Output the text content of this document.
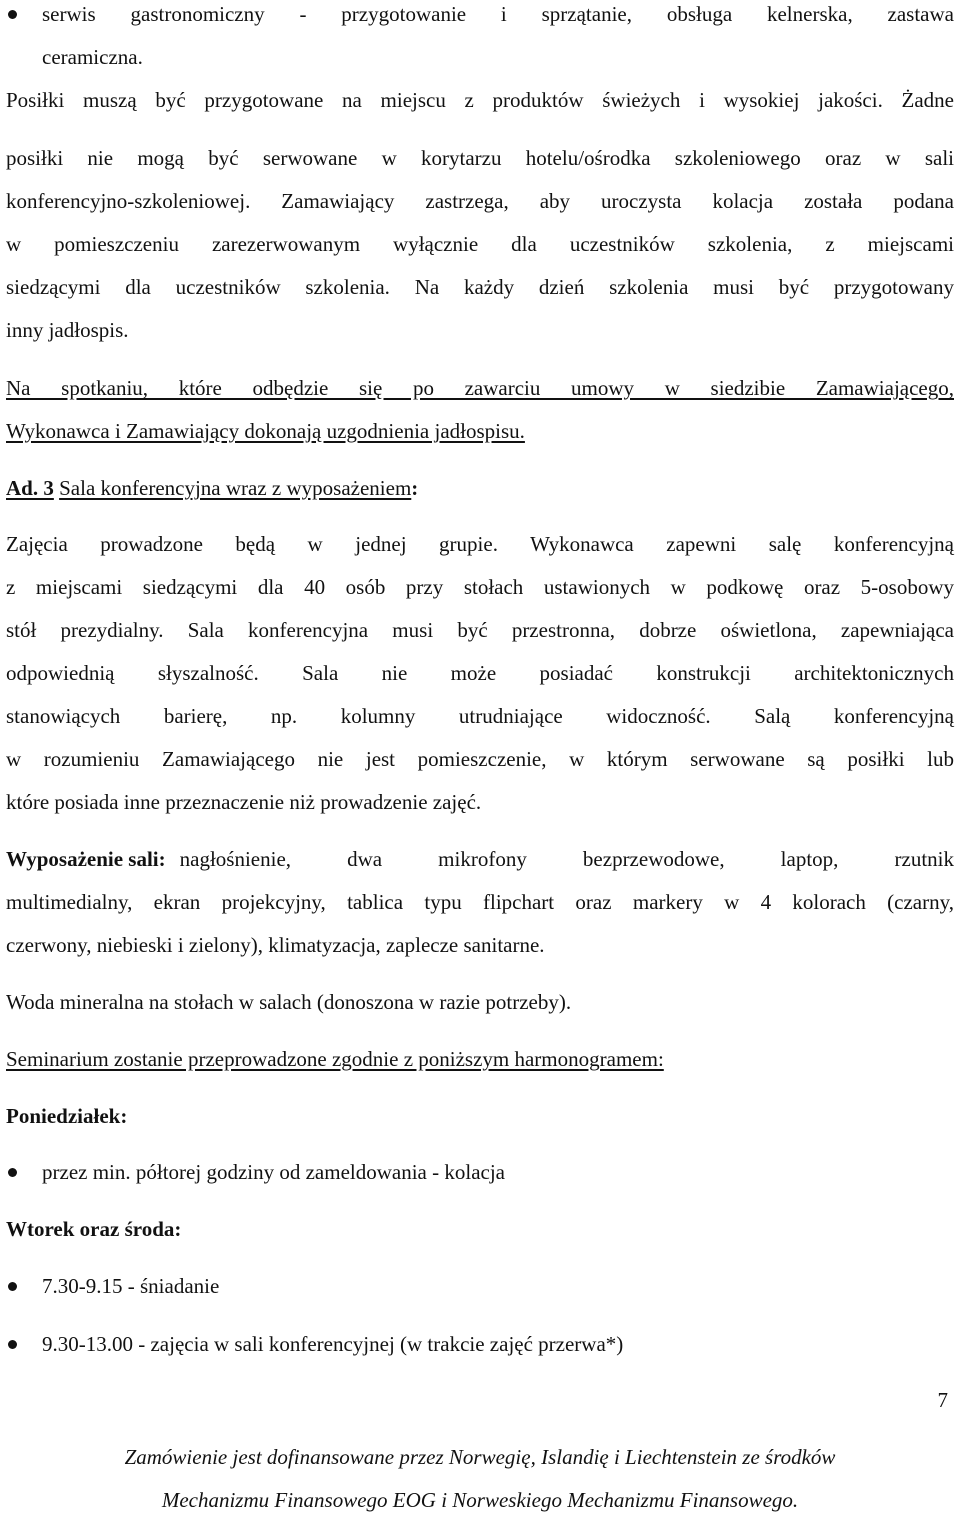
serwis gastronomiczny - przygotowanie i sprzątanie, obsługa kelnerska, zastawa
ceramiczna.
Posiłki muszą być przygotowane na miejscu z produktów świeżych i wysokiej jakości. Żadne
posiłki nie mogą być serwowane w korytarzu hotelu/ośrodka szkoleniowego oraz w sali
konferencyjno-szkoleniowej. Zamawiający zastrzega, aby uroczysta kolacja została podana
w pomieszczeniu zarezerwowanym wyłącznie dla uczestników szkolenia, z miejscami
siedzącymi dla uczestników szkolenia. Na każdy dzień szkolenia musi być przygotowany
inny jadłospis.
Na spotkaniu, które odbędzie się po zawarciu umowy w siedzibie Zamawiającego,
Wykonawca i Zamawiający dokonają uzgodnienia jadłospisu.
Ad. 3 Sala konferencyjna wraz z wyposażeniem:
Zajęcia prowadzone będą w jednej grupie. Wykonawca zapewni salę konferencyjną
z miejscami siedzącymi dla 40 osób przy stołach ustawionych w podkowę oraz 5-osobowy
stół prezydialny. Sala konferencyjna musi być przestronna, dobrze oświetlona, zapewniająca
odpowiednią słyszalność. Sala nie może posiadać konstrukcji architektonicznych
stanowiących barierę, np. kolumny utrudniające widoczność. Salą konferencyjną
w rozumieniu Zamawiającego nie jest pomieszczenie, w którym serwowane są posiłki lub
które posiada inne przeznaczenie niż prowadzenie zajęć.
Wyposażenie sali: nagłośnienie, dwa mikrofony bezprzewodowe, laptop, rzutnik
multimedialny, ekran projekcyjny, tablica typu flipchart oraz markery w 4 kolorach (czarny,
czerwony, niebieski i zielony), klimatyzacja, zaplecze sanitarne.
Woda mineralna na stołach w salach (donoszona w razie potrzeby).
Seminarium zostanie przeprowadzone zgodnie z poniższym harmonogramem:
Poniedziałek:
przez min. półtorej godziny od zameldowania - kolacja
Wtorek oraz środa:
7.30-9.15 - śniadanie
9.30-13.00 - zajęcia w sali konferencyjnej (w trakcie zajęć przerwa*)
7
Zamówienie jest dofinansowane przez Norwegię, Islandię i Liechtenstein ze środków
Mechanizmu Finansowego EOG i Norweskiego Mechanizmu Finansowego.
